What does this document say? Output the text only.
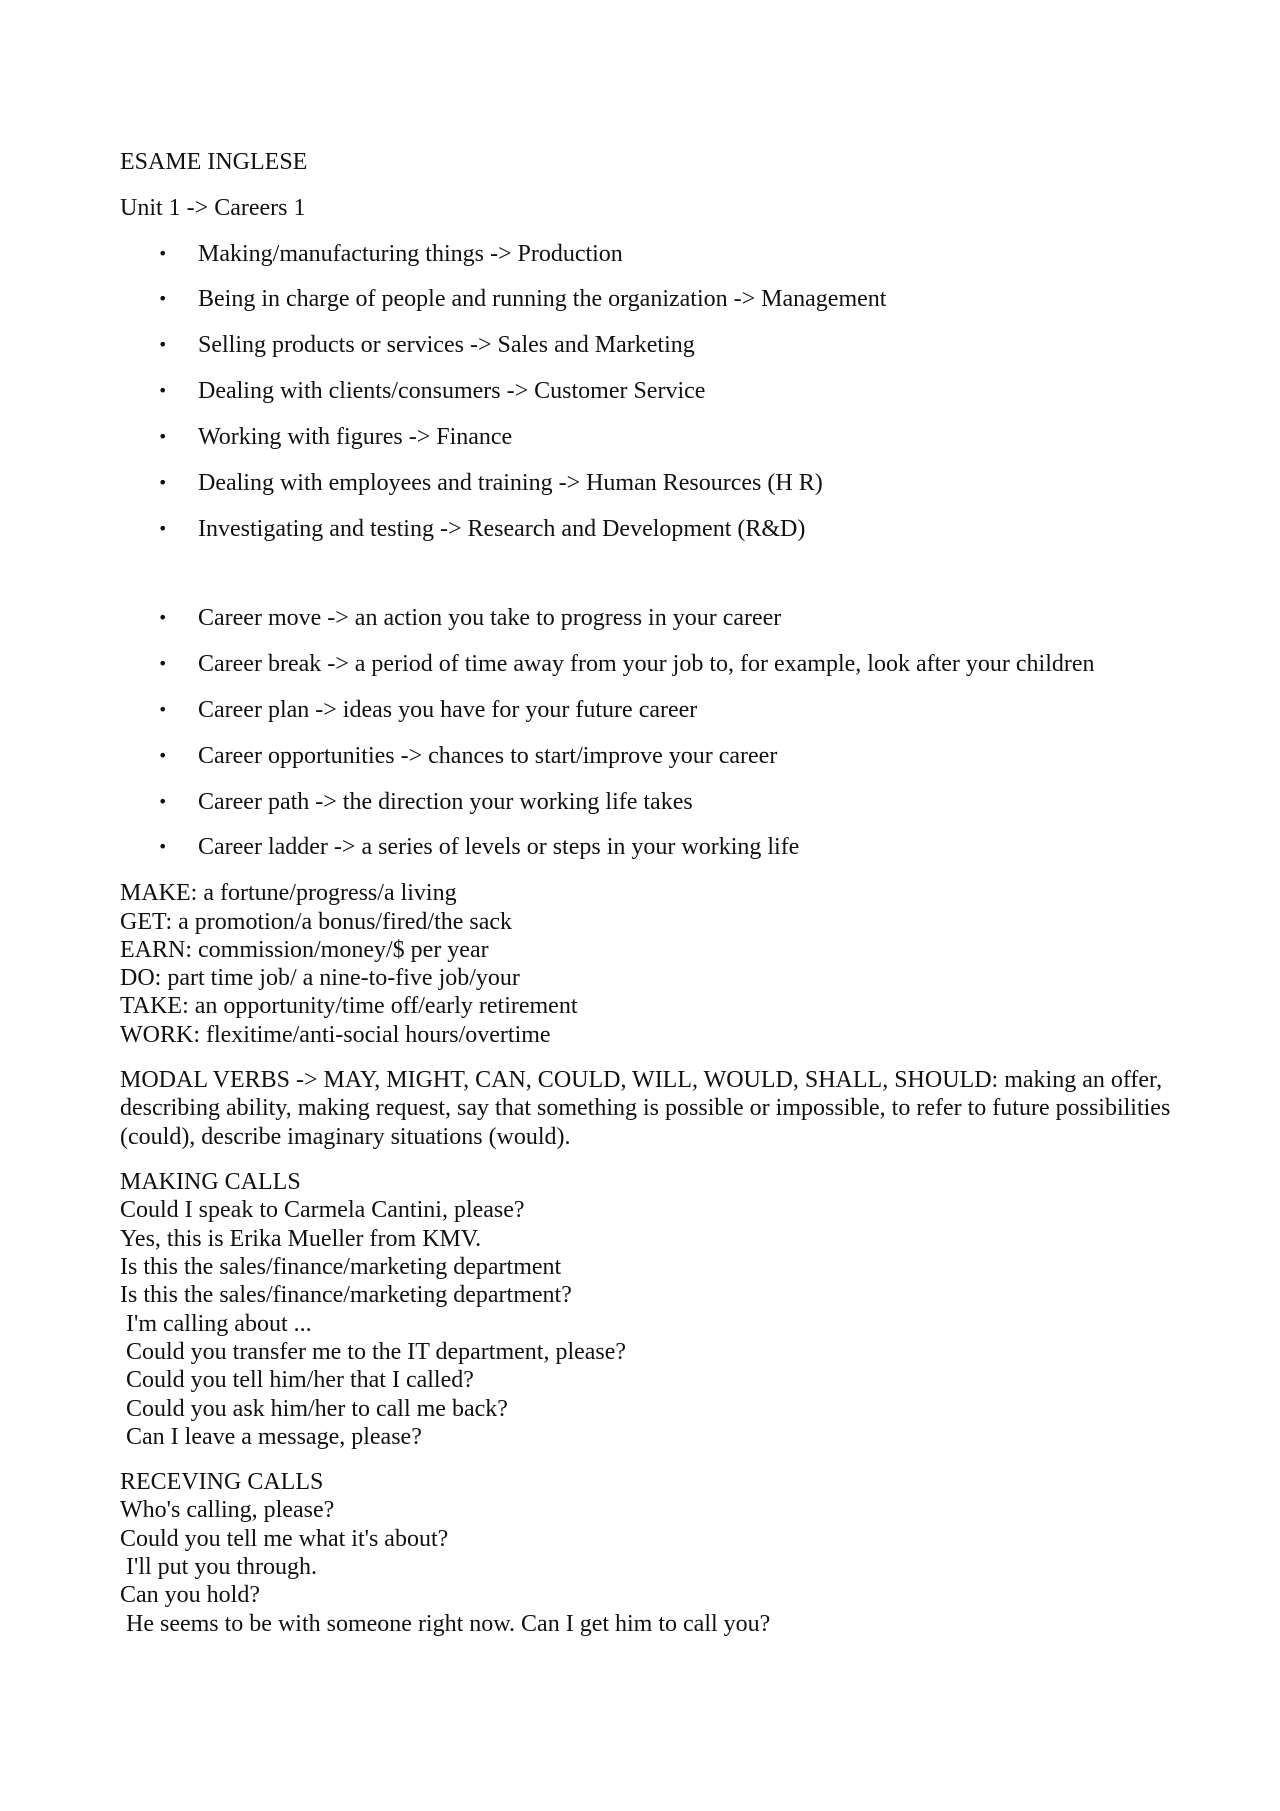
ESAME INGLESE
Unit 1 -> Careers 1
• Making/manufacturing things -> Production
• Being in charge of people and running the organization -> Management
• Selling products or services -> Sales and Marketing
• Dealing with clients/consumers -> Customer Service
• Working with figures -> Finance
• Dealing with employees and training -> Human Resources (H R)
• Investigating and testing -> Research and Development (R&D)
• Career move -> an action you take to progress in your career
• Career break -> a period of time away from your job to, for example, look after your children
• Career plan -> ideas you have for your future career
• Career opportunities -> chances to start/improve your career
• Career path -> the direction your working life takes
• Career ladder -> a series of levels or steps in your working life
MAKE: a fortune/progress/a living
GET: a promotion/a bonus/fired/the sack
EARN: commission/money/$ per year
DO: part time job/ a nine-to-five job/your
TAKE: an opportunity/time off/early retirement
WORK: flexitime/anti-social hours/overtime
MODAL VERBS -> MAY, MIGHT, CAN, COULD, WILL, WOULD, SHALL, SHOULD: making an offer, describing ability, making request, say that something is possible or impossible, to refer to future possibilities (could), describe imaginary situations (would).
MAKING CALLS
Could I speak to Carmela Cantini, please?
Yes, this is Erika Mueller from KMV.
Is this the sales/finance/marketing department
Is this the sales/finance/marketing department?
I'm calling about ...
Could you transfer me to the IT department, please?
Could you tell him/her that I called?
Could you ask him/her to call me back?
Can I leave a message, please?
RECEVING CALLS
Who's calling, please?
Could you tell me what it's about?
I'll put you through.
Can you hold?
He seems to be with someone right now. Can I get him to call you?
